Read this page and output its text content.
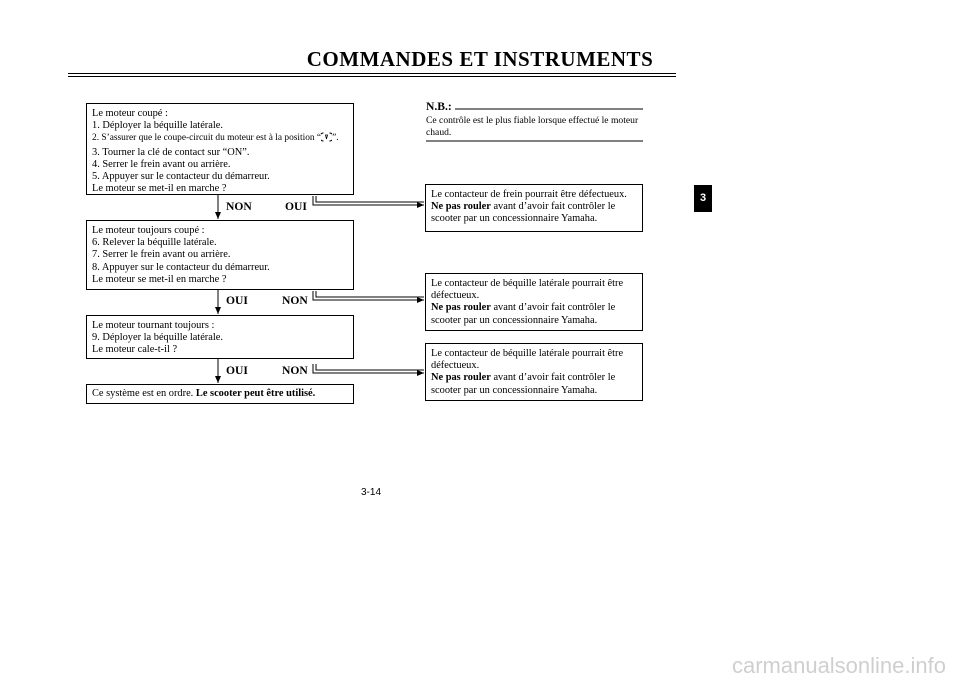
COMMANDES ET INSTRUMENTS
Le moteur coupé :
1. Déployer la béquille latérale.
2. S’assurer que le coupe-circuit du moteur est à la position “ ”.
3. Tourner la clé de contact sur “ON”.
4. Serrer le frein avant ou arrière.
5. Appuyer sur le contacteur du démarreur.
Le moteur se met-il en marche ?
NON	OUI
Le moteur toujours coupé :
6. Relever la béquille latérale.
7. Serrer le frein avant ou arrière.
8. Appuyer sur le contacteur du démarreur.
Le moteur se met-il en marche ?
OUI	NON
Le moteur tournant toujours :
9. Déployer la béquille latérale.
Le moteur cale-t-il ?
OUI	NON
Ce système est en ordre. Le scooter peut être utilisé.
N.B.:
Ce contrôle est le plus fiable lorsque effectué le moteur chaud.
Le contacteur de frein pourrait être défectueux.
Ne pas rouler avant d’avoir fait contrôler le
scooter par un concessionnaire Yamaha.
Le contacteur de béquille latérale pourrait être
défectueux.
Ne pas rouler avant d’avoir fait contrôler le
scooter par un concessionnaire Yamaha.
Le contacteur de béquille latérale pourrait être
défectueux.
Ne pas rouler avant d’avoir fait contrôler le
scooter par un concessionnaire Yamaha.
3
3-14
carmanualsonline.info
